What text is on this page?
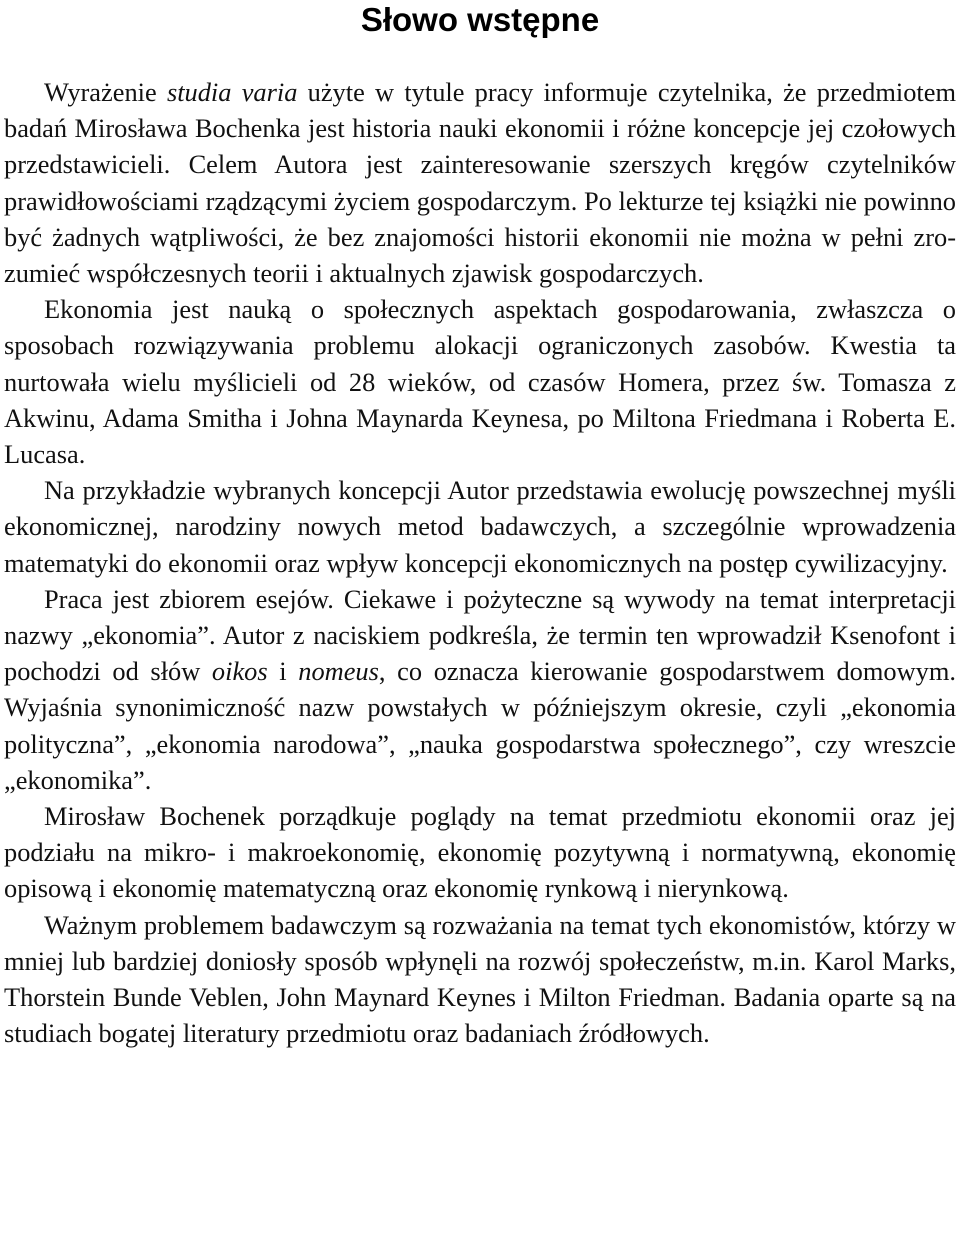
Słowo wstępne

Wyrażenie studia varia użyte w tytule pracy informuje czytelnika, że przedmiotem badań Mirosława Bochenka jest historia nauki ekonomii i różne koncepcje jej czołowych przedstawicieli. Celem Autora jest zainteresowanie szerszych kręgów czytelników prawidłowościami rządzącymi życiem gospodarczym. Po lekturze tej książki nie powinno być żadnych wątpliwości, że bez znajomości historii ekonomii nie można w pełni zrozumieć współczesnych teorii i aktualnych zjawisk gospodarczych.

Ekonomia jest nauką o społecznych aspektach gospodarowania, zwłaszcza o sposobach rozwiązywania problemu alokacji ograniczonych zasobów. Kwestia ta nurtowała wielu myślicieli od 28 wieków, od czasów Homera, przez św. Tomasza z Akwinu, Adama Smitha i Johna Maynarda Keynesa, po Miltona Friedmana i Roberta E. Lucasa.

Na przykładzie wybranych koncepcji Autor przedstawia ewolucję powszechnej myśli ekonomicznej, narodziny nowych metod badawczych, a szczególnie wprowadzenia matematyki do ekonomii oraz wpływ koncepcji ekonomicznych na postęp cywilizacyjny.

Praca jest zbiorem esejów. Ciekawe i pożyteczne są wywody na temat interpretacji nazwy „ekonomia”. Autor z naciskiem podkreśla, że termin ten wprowadził Ksenofont i pochodzi od słów oikos i nomeus, co oznacza kierowanie gospodarstwem domowym. Wyjaśnia synonimiczność nazw powstałych w późniejszym okresie, czyli „ekonomia polityczna”, „ekonomia narodowa”, „nauka gospodarstwa społecznego”, czy wreszcie „ekonomika”.

Mirosław Bochenek porządkuje poglądy na temat przedmiotu ekonomii oraz jej podziału na mikro- i makroekonomię, ekonomię pozytywną i normatywną, ekonomię opisową i ekonomię matematyczną oraz ekonomię rynkową i nierynkową.

Ważnym problemem badawczym są rozważania na temat tych ekonomistów, którzy w mniej lub bardziej doniosły sposób wpłynęli na rozwój społeczeństw, m.in. Karol Marks, Thorstein Bunde Veblen, John Maynard Keynes i Milton Friedman. Badania oparte są na studiach bogatej literatury przedmiotu oraz badaniach źródłowych.
